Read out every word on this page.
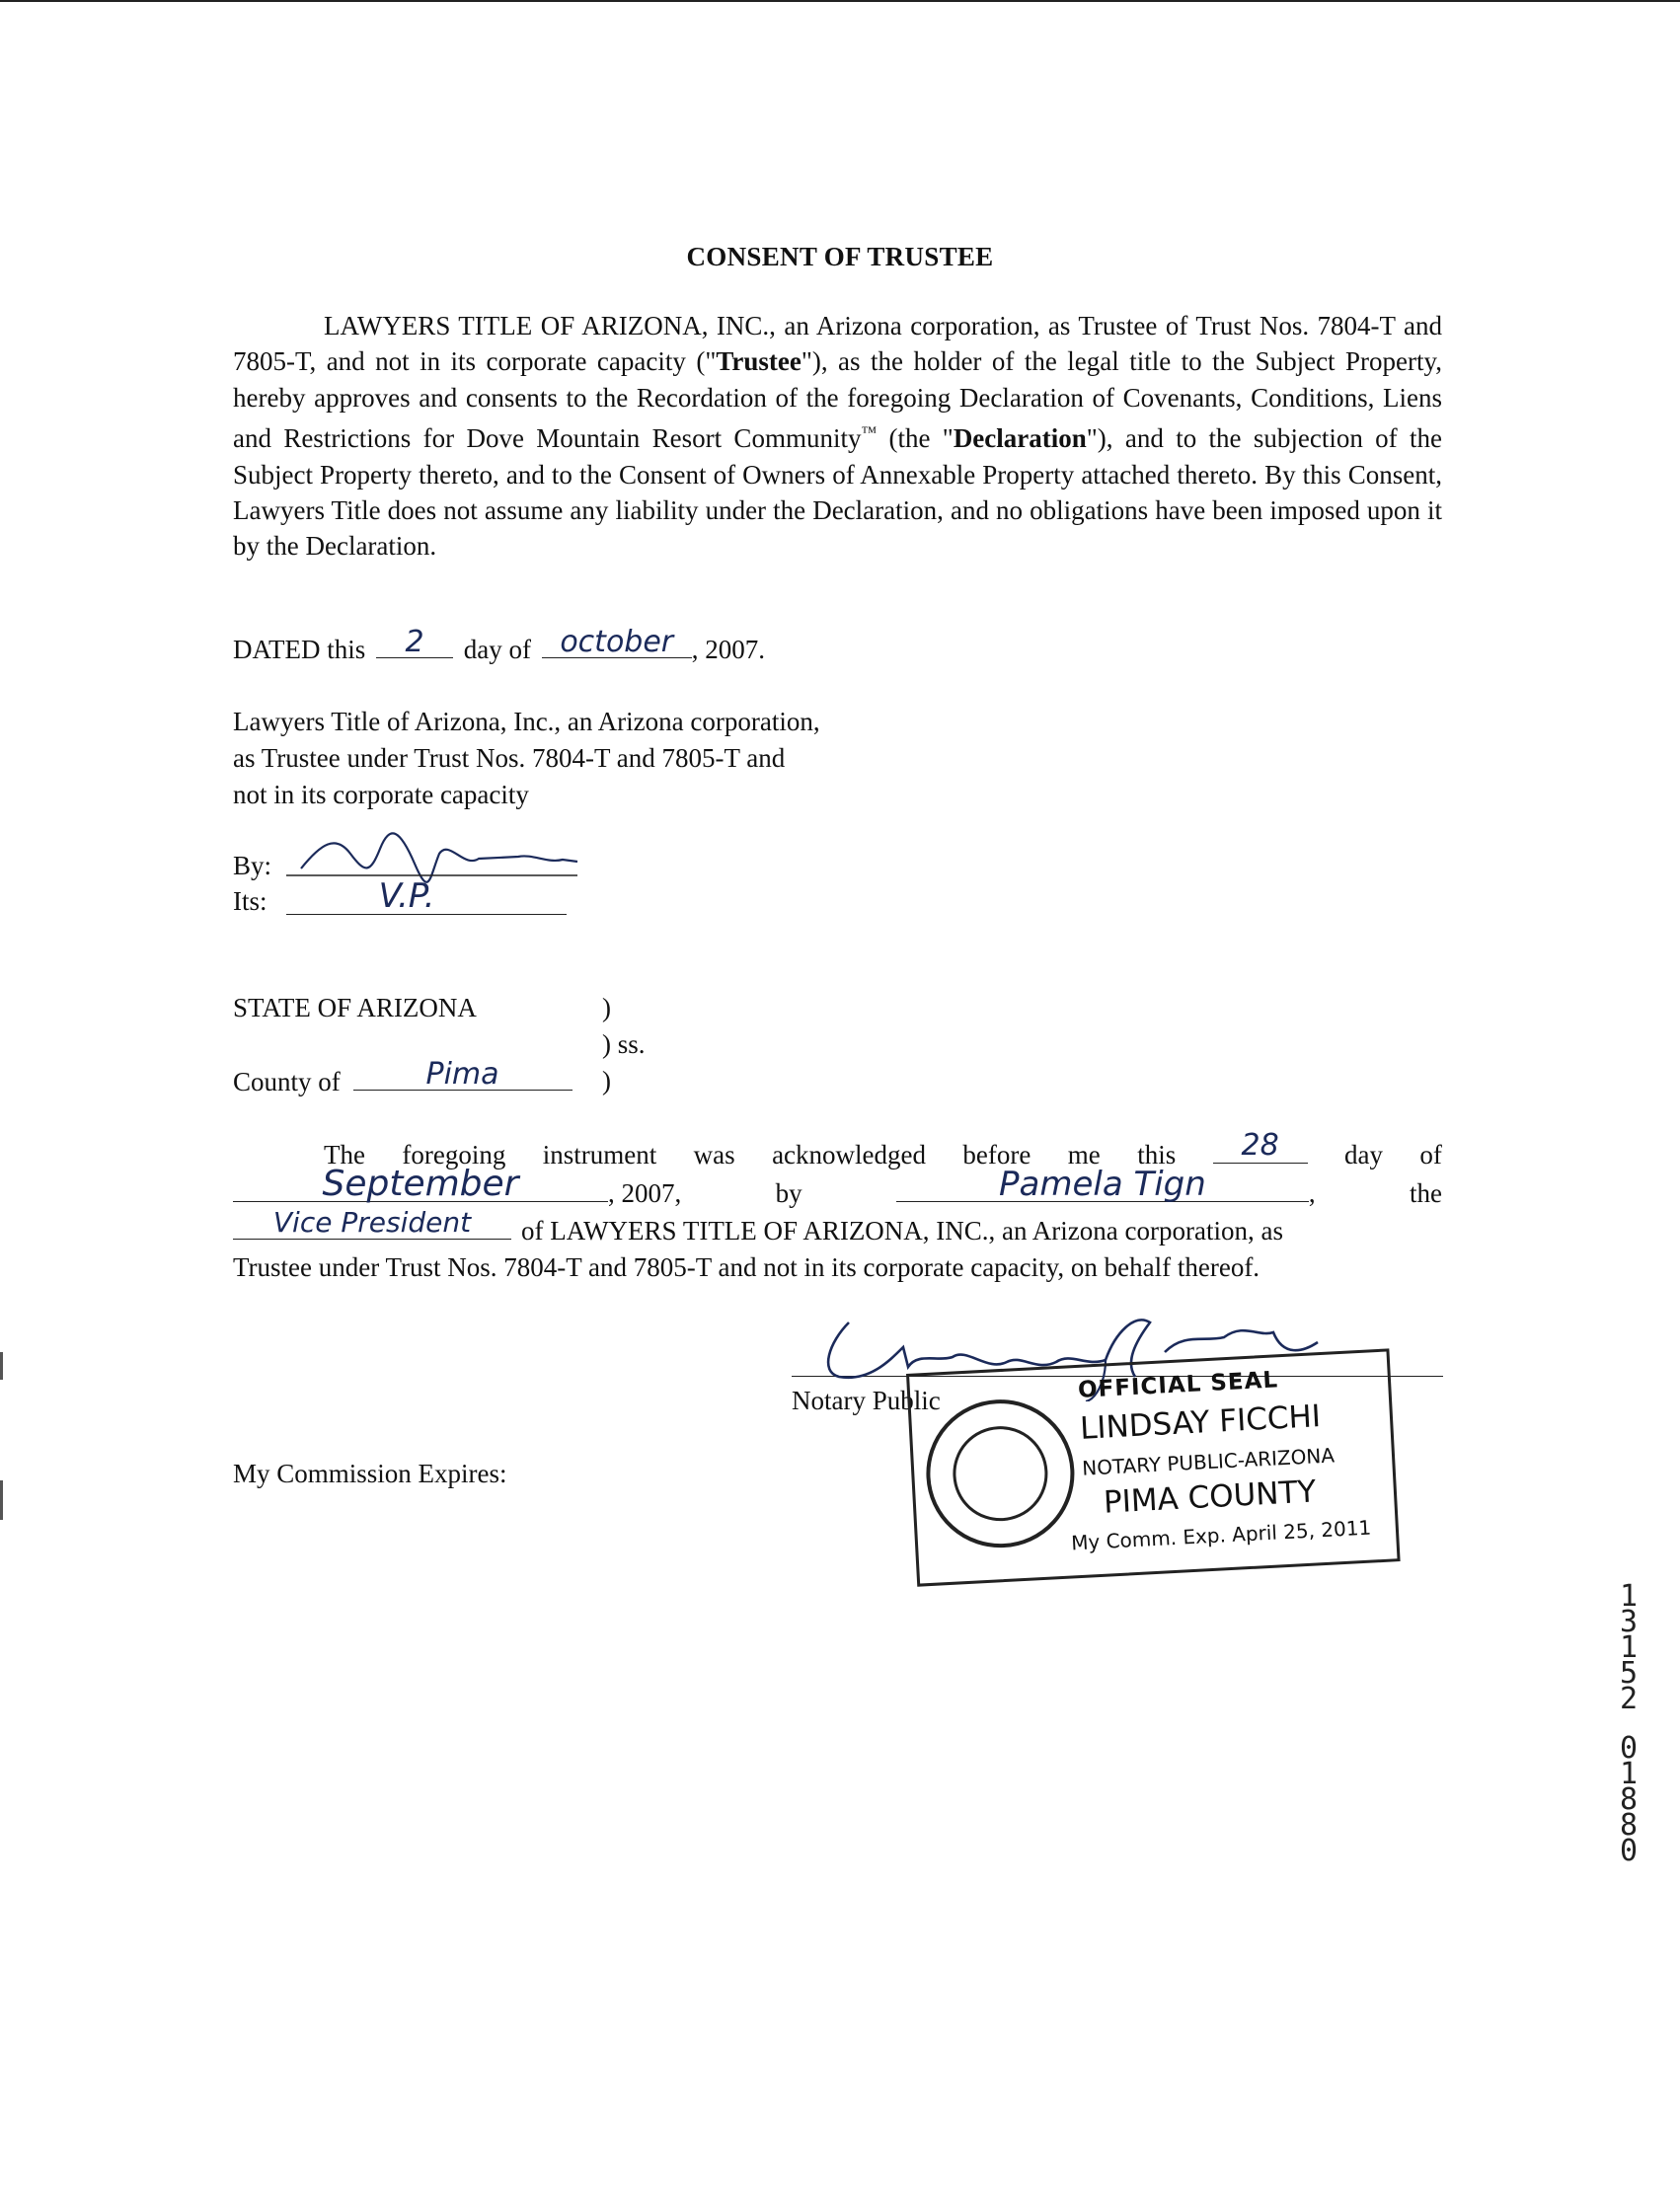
CONSENT OF TRUSTEE
LAWYERS TITLE OF ARIZONA, INC., an Arizona corporation, as Trustee of Trust Nos. 7804-T and 7805-T, and not in its corporate capacity ("Trustee"), as the holder of the legal title to the Subject Property, hereby approves and consents to the Recordation of the foregoing Declaration of Covenants, Conditions, Liens and Restrictions for Dove Mountain Resort Community™ (the "Declaration"), and to the subjection of the Subject Property thereto, and to the Consent of Owners of Annexable Property attached thereto. By this Consent, Lawyers Title does not assume any liability under the Declaration, and no obligations have been imposed upon it by the Declaration.
DATED this	2	day of october , 2007.
Lawyers Title of Arizona, Inc., an Arizona corporation,
as Trustee under Trust Nos. 7804-T and 7805-T and
not in its corporate capacity
By:
Its:	V.P.
STATE OF ARIZONA	)
) ss.
County of	Pima	)
The foregoing instrument was acknowledged before me this	28	day of
September	, 2007,	by	Pamela Tign	,	the
Vice President	of LAWYERS TITLE OF ARIZONA, INC., an Arizona corporation, as
Trustee under Trust Nos. 7804-T and 7805-T and not in its corporate capacity, on behalf thereof.
Notary Public
My Commission Expires:
OFFICIAL SEAL
LINDSAY FICCHI
NOTARY PUBLIC-ARIZONA
PIMA COUNTY
My Comm. Exp. April 25, 2011
1
3
1
5
2

0
1
8
8
0
